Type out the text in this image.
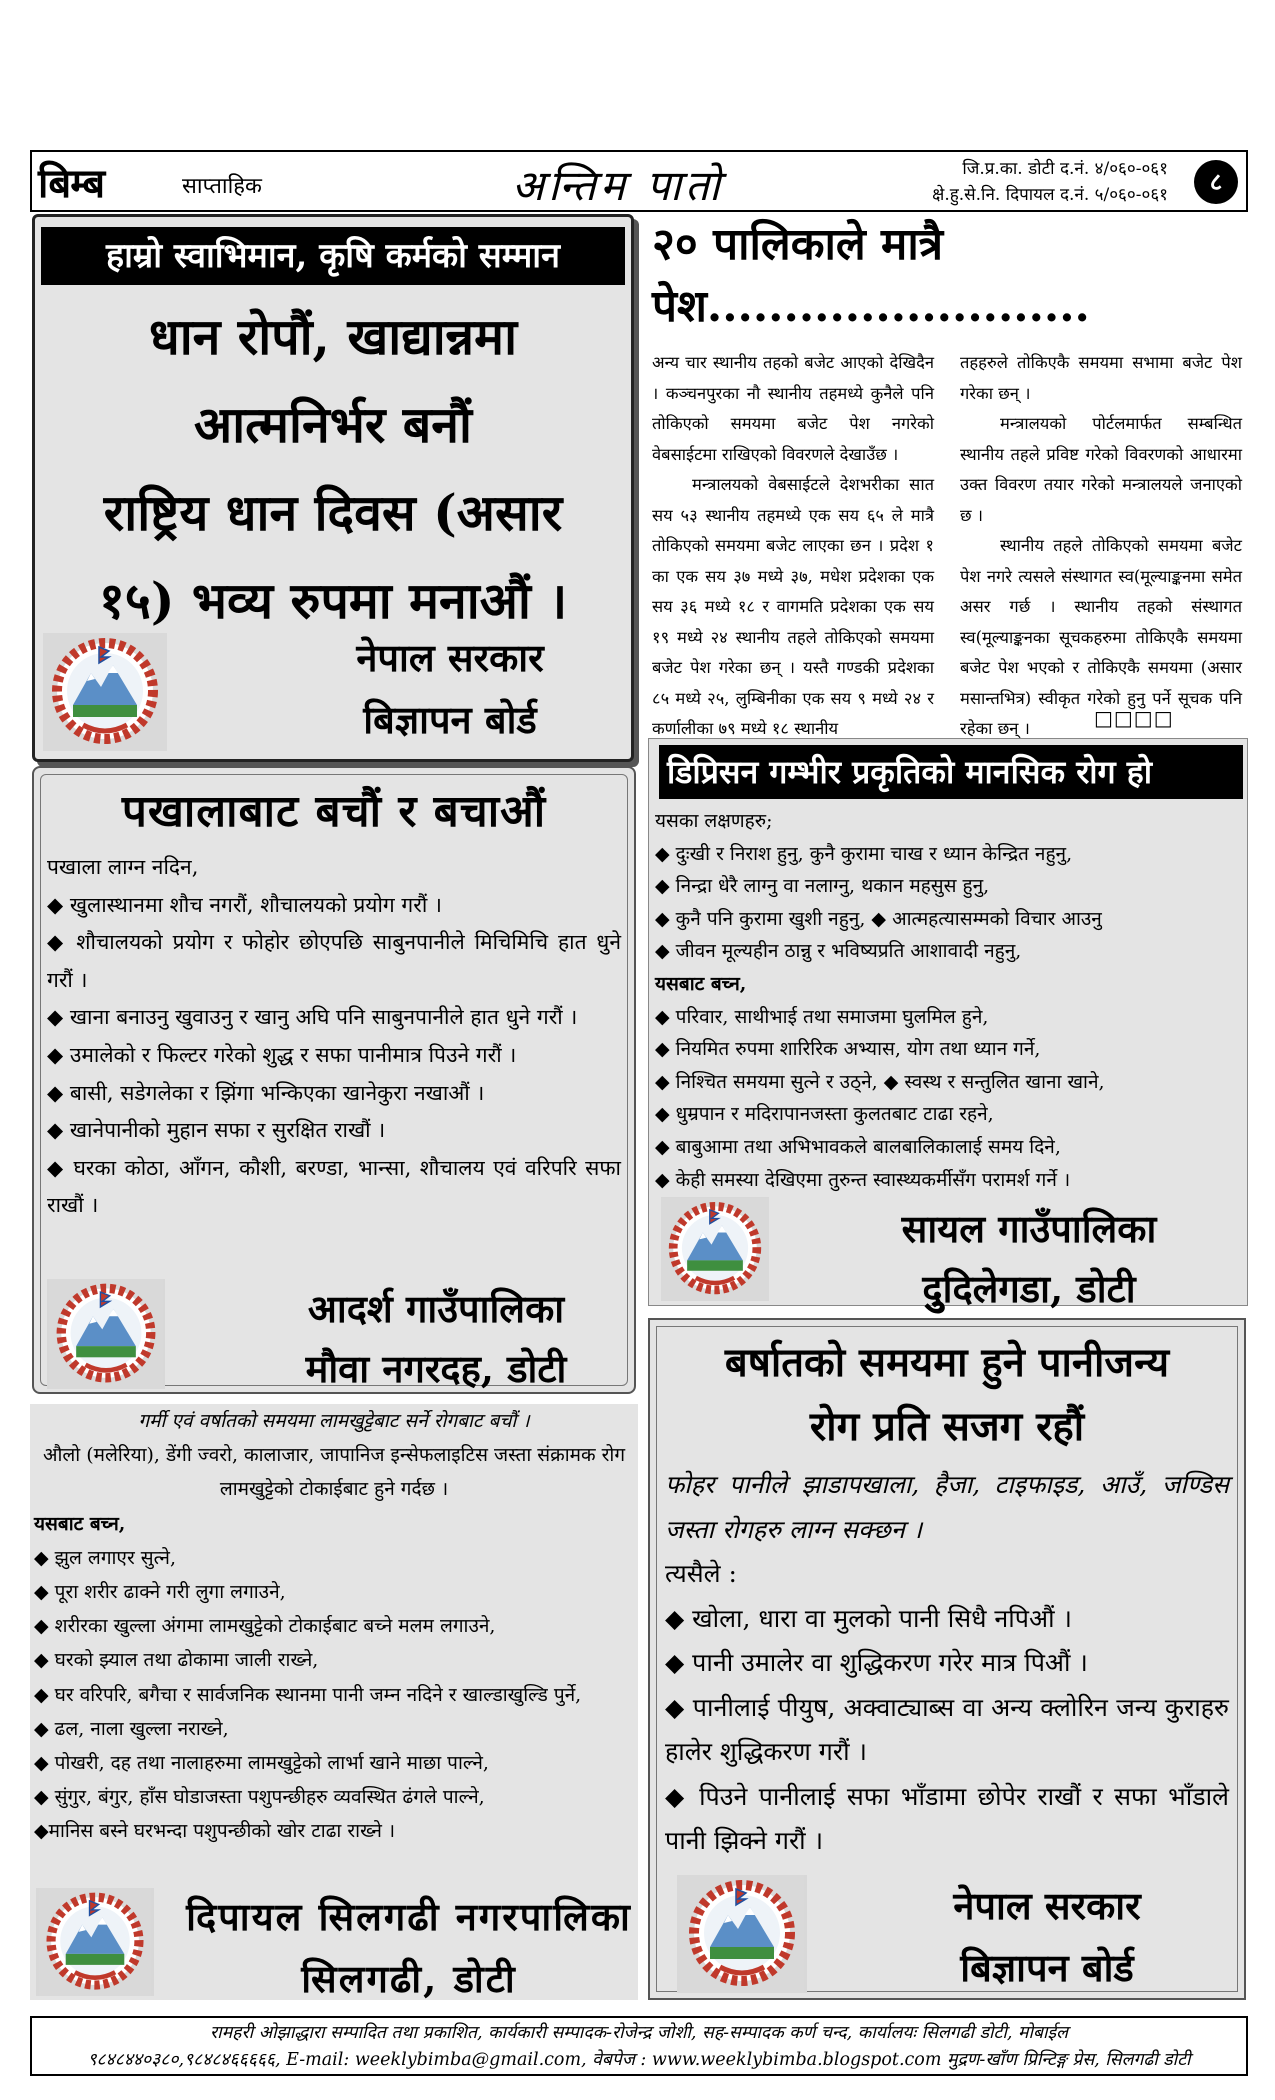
बिम्ब	साप्ताहिक	अन्तिम पातो	जि.प्र.का. डोटी द.नं. ४/०६०-०६१
क्षे.हु.से.नि. दिपायल द.नं. ५/०६०-०६१	८
हाम्रो स्वाभिमान, कृषि कर्मको सम्मान
धान रोपौं, खाद्यान्नमा
आत्मनिर्भर बनौं
राष्ट्रिय धान दिवस (असार
१५) भव्य रुपमा मनाऔं ।
नेपाल सरकार
बिज्ञापन बोर्ड
२० पालिकाले मात्रै पेश.........................

अन्य चार स्थानीय तहको बजेट आएको देखिदैन । कञ्चनपुरका नौ स्थानीय तहमध्ये कुनैले पनि तोकिएको समयमा बजेट पेश नगरेको वेबसाईटमा राखिएको विवरणले देखाउँछ ।

मन्त्रालयको वेबसाईटले देशभरीका सात सय ५३ स्थानीय तहमध्ये एक सय ६५ ले मात्रै तोकिएको समयमा बजेट लाएका छन । प्रदेश १ का एक सय ३७ मध्ये ३७, मधेश प्रदेशका एक सय ३६ मध्ये १८ र वागमति प्रदेशका एक सय १९ मध्ये २४ स्थानीय तहले तोकिएको समयमा बजेट पेश गरेका छन् । यस्तै गण्डकी प्रदेशका ८५ मध्ये २५, लुम्बिनीका एक सय ९ मध्ये २४ र कर्णालीका ७९ मध्ये १८ स्थानीय

तहहरुले तोकिएकै समयमा सभामा बजेट पेश गरेका छन् ।

मन्त्रालयको पोर्टलमार्फत सम्बन्धित स्थानीय तहले प्रविष्ट गरेको विवरणको आधारमा उक्त विवरण तयार गरेको मन्त्रालयले जनाएको छ ।

स्थानीय तहले तोकिएको समयमा बजेट पेश नगरे त्यसले संस्थागत स्व(मूल्याङ्कनमा समेत असर गर्छ । स्थानीय तहको संस्थागत स्व(मूल्याङ्कनका सूचकहरुमा तोकिएकै समयमा बजेट पेश भएको र तोकिएकै समयमा (असार मसान्तभित्र) स्वीकृत गरेको हुनु पर्ने सूचक पनि रहेका छन् ।	□□□□
डिप्रिसन गम्भीर प्रकृतिको मानसिक रोग हो
यसका लक्षणहरु;
◆ दुःखी र निराश हुनु, कुनै कुरामा चाख र ध्यान केन्द्रित नहुनु,
◆ निन्द्रा धेरै लाग्नु वा नलाग्नु, थकान महसुस हुनु,
◆ कुनै पनि कुरामा खुशी नहुनु, ◆ आत्महत्यासम्मको विचार आउनु
◆ जीवन मूल्यहीन ठान्नु र भविष्यप्रति आशावादी नहुनु,
यसबाट बच्न,
◆ परिवार, साथीभाई तथा समाजमा घुलमिल हुने,
◆ नियमित रुपमा शारिरिक अभ्यास, योग तथा ध्यान गर्ने,
◆ निश्चित समयमा सुत्ने र उठ्ने, ◆ स्वस्थ र सन्तुलित खाना खाने,
◆ धुम्रपान र मदिरापानजस्ता कुलतबाट टाढा रहने,
◆ बाबुआमा तथा अभिभावकले बालबालिकालाई समय दिने,
◆ केही समस्या देखिएमा तुरुन्त स्वास्थ्यकर्मीसँग परामर्श गर्ने ।
सायल गाउँपालिका
दुुदिलेगडा, डोटी
पखालाबाट बचौं र बचाऔं
पखाला लाग्न नदिन,
◆ खुलास्थानमा शौच नगरौं, शौचालयको प्रयोग गरौं ।
◆ शौचालयको प्रयोग र फोहोर छोएपछि साबुनपानीले मिचिमिचि हात धुने गरौं ।
◆ खाना बनाउनु खुवाउनु र खानु अघि पनि साबुनपानीले हात धुने गरौं ।
◆ उमालेको र फिल्टर गरेको शुद्ध र सफा पानीमात्र पिउने गरौं ।
◆ बासी, सडेगलेका र झिंगा भन्किएका खानेकुरा नखाऔं ।
◆ खानेपानीको मुहान सफा र सुरक्षित राखौं ।
◆ घरका कोठा, आँगन, कौशी, बरण्डा, भान्सा, शौचालय एवं वरिपरि सफा राखौं ।
आदर्श गाउँपालिका
मौवा नगरदह, डोटी
गर्मी एवं वर्षातको समयमा लामखुट्टेबाट सर्ने रोगबाट बचौं ।
औलो (मलेरिया), डेंगी ज्वरो, कालाजार, जापानिज इन्सेफलाइटिस जस्ता संक्रामक रोग लामखुट्टेको टोकाईबाट हुने गर्दछ ।
यसबाट बच्न,
◆ झुल लगाएर सुत्ने,
◆ पूरा शरीर ढाक्ने गरी लुगा लगाउने,
◆ शरीरका खुल्ला अंगमा लामखुट्टेको टोकाईबाट बच्ने मलम लगाउने,
◆ घरको झ्याल तथा ढोकामा जाली राख्ने,
◆ घर वरिपरि, बगैचा र सार्वजनिक स्थानमा पानी जम्न नदिने र खाल्डाखुल्डि पुर्ने,
◆ ढल, नाला खुल्ला नराख्ने,
◆ पोखरी, दह तथा नालाहरुमा लामखुट्टेको लार्भा खाने माछा पाल्ने,
◆ सुंगुर, बंगुर, हाँस घोडाजस्ता पशुपन्छीहरु व्यवस्थित ढंगले पाल्ने,
◆मानिस बस्ने घरभन्दा पशुपन्छीको खोर टाढा राख्ने ।
दिपायल सिलगढी नगरपालिका
सिलगढी, डोटी
बर्षातको समयमा हुने पानीजन्य
रोग प्रति सजग रहौं
फोहर पानीले झाडापखाला, हैजा, टाइफाइड, आउँ, जण्डिस जस्ता रोगहरु लाग्न सक्छन ।
त्यसैले :
◆ खोला, धारा वा मुलको पानी सिधै नपिऔं ।
◆ पानी उमालेर वा शुद्धिकरण गरेर मात्र पिऔं ।
◆ पानीलाई पीयुष, अक्वाट्याब्स वा अन्य क्लोरिन जन्य कुराहरु हालेर शुद्धिकरण गरौं ।
◆ पिउने पानीलाई सफा भाँडामा छोपेर राखौं र सफा भाँडाले पानी झिक्ने गरौं ।
नेपाल सरकार
बिज्ञापन बोर्ड
रामहरी ओझाद्धारा सम्पादित तथा प्रकाशित, कार्यकारी सम्पादक-रोजेन्द्र जोशी, सह-सम्पादक कर्ण चन्द, कार्यालयः सिलगढी डोटी, मोबाईल
९८४८४४०३८०,९८४८४६६६६६, E-mail: weeklybimba@gmail.com, वेबपेज : www.weeklybimba.blogspot.com मुद्रण-खाँण प्रिन्टिङ्ग प्रेस, सिलगढी डोटी
